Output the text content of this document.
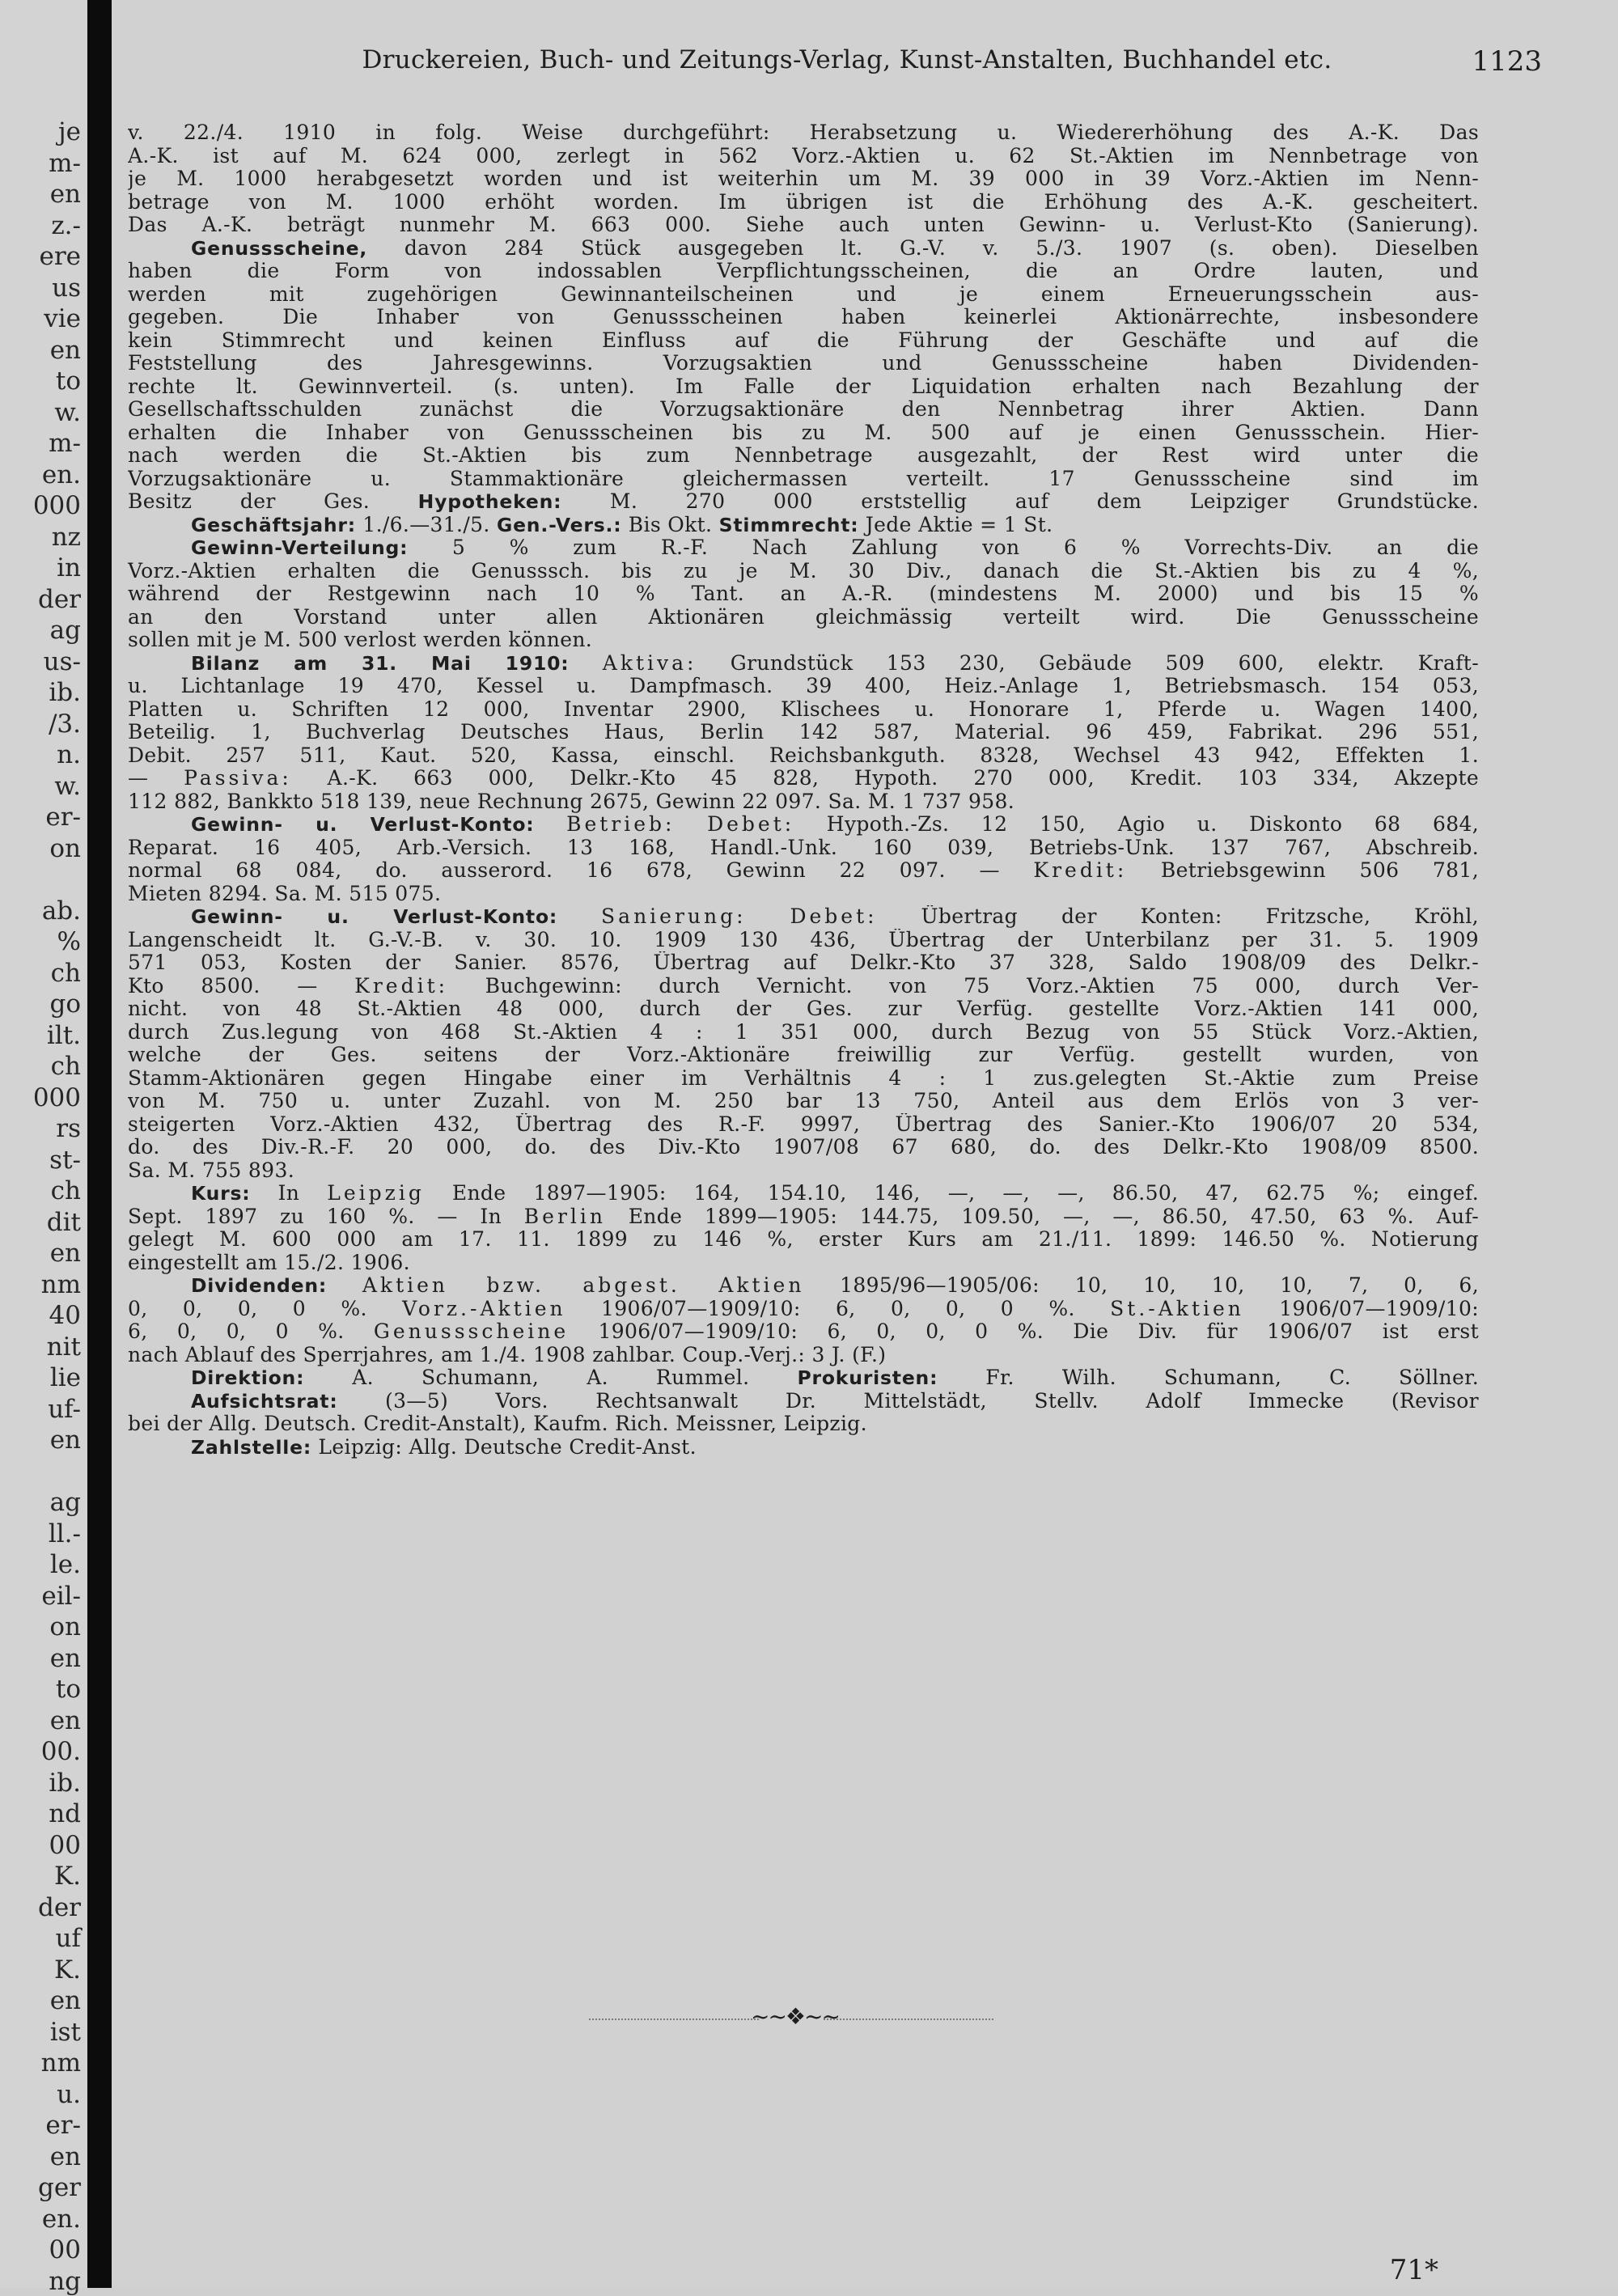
je
m-
en
z.-
ere
us
vie
en
to
w.
m-
en.
000
nz
in
der
ag
us-
ib.
/3.
n.
w.
er-
on
ab.
%
ch
go
ilt.
ch
000
rs
st-
ch
dit
en
nm
40
nit
lie
uf-
en
ag
ll.-
le.
eil-
on
en
to
en
00.
ib.
nd
00
K.
der
uf
K.
en
ist
nm
u.
er-
en
ger
en.
00
ng
Druckereien, Buch- und Zeitungs-Verlag, Kunst-Anstalten, Buchhandel etc.	1123
v. 22./4. 1910 in folg. Weise durchgeführt: Herabsetzung u. Wiedererhöhung des A.-K. Das
A.-K. ist auf M. 624 000, zerlegt in 562 Vorz.-Aktien u. 62 St.-Aktien im Nennbetrage von
je M. 1000 herabgesetzt worden und ist weiterhin um M. 39 000 in 39 Vorz.-Aktien im Nenn-
betrage von M. 1000 erhöht worden. Im übrigen ist die Erhöhung des A.-K. gescheitert.
Das A.-K. beträgt nunmehr M. 663 000. Siehe auch unten Gewinn- u. Verlust-Kto (Sanierung).
Genussscheine, davon 284 Stück ausgegeben lt. G.-V. v. 5./3. 1907 (s. oben). Dieselben
haben die Form von indossablen Verpflichtungsscheinen, die an Ordre lauten, und
werden mit zugehörigen Gewinnanteilscheinen und je einem Erneuerungsschein aus-
gegeben. Die Inhaber von Genussscheinen haben keinerlei Aktionärrechte, insbesondere
kein Stimmrecht und keinen Einfluss auf die Führung der Geschäfte und auf die
Feststellung des Jahresgewinns. Vorzugsaktien und Genussscheine haben Dividenden-
rechte lt. Gewinnverteil. (s. unten). Im Falle der Liquidation erhalten nach Bezahlung der
Gesellschaftsschulden zunächst die Vorzugsaktionäre den Nennbetrag ihrer Aktien. Dann
erhalten die Inhaber von Genussscheinen bis zu M. 500 auf je einen Genussschein. Hier-
nach werden die St.-Aktien bis zum Nennbetrage ausgezahlt, der Rest wird unter die
Vorzugsaktionäre u. Stammaktionäre gleichermassen verteilt. 17 Genussscheine sind im
Besitz der Ges. Hypotheken: M. 270 000 erststellig auf dem Leipziger Grundstücke.
Geschäftsjahr: 1./6.—31./5. Gen.-Vers.: Bis Okt. Stimmrecht: Jede Aktie = 1 St.
Gewinn-Verteilung: 5 % zum R.-F. Nach Zahlung von 6 % Vorrechts-Div. an die
Vorz.-Aktien erhalten die Genusssch. bis zu je M. 30 Div., danach die St.-Aktien bis zu 4 %,
während der Restgewinn nach 10 % Tant. an A.-R. (mindestens M. 2000) und bis 15 %
an den Vorstand unter allen Aktionären gleichmässig verteilt wird. Die Genussscheine
sollen mit je M. 500 verlost werden können.
Bilanz am 31. Mai 1910: Aktiva: Grundstück 153 230, Gebäude 509 600, elektr. Kraft-
u. Lichtanlage 19 470, Kessel u. Dampfmasch. 39 400, Heiz.-Anlage 1, Betriebsmasch. 154 053,
Platten u. Schriften 12 000, Inventar 2900, Klischees u. Honorare 1, Pferde u. Wagen 1400,
Beteilig. 1, Buchverlag Deutsches Haus, Berlin 142 587, Material. 96 459, Fabrikat. 296 551,
Debit. 257 511, Kaut. 520, Kassa, einschl. Reichsbankguth. 8328, Wechsel 43 942, Effekten 1.
— Passiva: A.-K. 663 000, Delkr.-Kto 45 828, Hypoth. 270 000, Kredit. 103 334, Akzepte
112 882, Bankkto 518 139, neue Rechnung 2675, Gewinn 22 097. Sa. M. 1 737 958.
Gewinn- u. Verlust-Konto: Betrieb: Debet: Hypoth.-Zs. 12 150, Agio u. Diskonto 68 684,
Reparat. 16 405, Arb.-Versich. 13 168, Handl.-Unk. 160 039, Betriebs-Unk. 137 767, Abschreib.
normal 68 084, do. ausserord. 16 678, Gewinn 22 097. — Kredit: Betriebsgewinn 506 781,
Mieten 8294. Sa. M. 515 075.
Gewinn- u. Verlust-Konto: Sanierung: Debet: Übertrag der Konten: Fritzsche, Kröhl,
Langenscheidt lt. G.-V.-B. v. 30. 10. 1909 130 436, Übertrag der Unterbilanz per 31. 5. 1909
571 053, Kosten der Sanier. 8576, Übertrag auf Delkr.-Kto 37 328, Saldo 1908/09 des Delkr.-
Kto 8500. — Kredit: Buchgewinn: durch Vernicht. von 75 Vorz.-Aktien 75 000, durch Ver-
nicht. von 48 St.-Aktien 48 000, durch der Ges. zur Verfüg. gestellte Vorz.-Aktien 141 000,
durch Zus.legung von 468 St.-Aktien 4 : 1 351 000, durch Bezug von 55 Stück Vorz.-Aktien,
welche der Ges. seitens der Vorz.-Aktionäre freiwillig zur Verfüg. gestellt wurden, von
Stamm-Aktionären gegen Hingabe einer im Verhältnis 4 : 1 zus.gelegten St.-Aktie zum Preise
von M. 750 u. unter Zuzahl. von M. 250 bar 13 750, Anteil aus dem Erlös von 3 ver-
steigerten Vorz.-Aktien 432, Übertrag des R.-F. 9997, Übertrag des Sanier.-Kto 1906/07 20 534,
do. des Div.-R.-F. 20 000, do. des Div.-Kto 1907/08 67 680, do. des Delkr.-Kto 1908/09 8500.
Sa. M. 755 893.
Kurs: In Leipzig Ende 1897—1905: 164, 154.10, 146, —, —, —, 86.50, 47, 62.75 %; eingef.
Sept. 1897 zu 160 %. — In Berlin Ende 1899—1905: 144.75, 109.50, —, —, 86.50, 47.50, 63 %. Auf-
gelegt M. 600 000 am 17. 11. 1899 zu 146 %, erster Kurs am 21./11. 1899: 146.50 %. Notierung
eingestellt am 15./2. 1906.
Dividenden: Aktien bzw. abgest. Aktien 1895/96—1905/06: 10, 10, 10, 10, 7, 0, 6,
0, 0, 0, 0 %. Vorz.-Aktien 1906/07—1909/10: 6, 0, 0, 0 %. St.-Aktien 1906/07—1909/10:
6, 0, 0, 0 %. Genussscheine 1906/07—1909/10: 6, 0, 0, 0 %. Die Div. für 1906/07 ist erst
nach Ablauf des Sperrjahres, am 1./4. 1908 zahlbar. Coup.-Verj.: 3 J. (F.)
Direktion: A. Schumann, A. Rummel. Prokuristen: Fr. Wilh. Schumann, C. Söllner.
Aufsichtsrat: (3—5) Vors. Rechtsanwalt Dr. Mittelstädt, Stellv. Adolf Immecke (Revisor
bei der Allg. Deutsch. Credit-Anstalt), Kaufm. Rich. Meissner, Leipzig.
Zahlstelle: Leipzig: Allg. Deutsche Credit-Anst.
~~❖~~
71*
